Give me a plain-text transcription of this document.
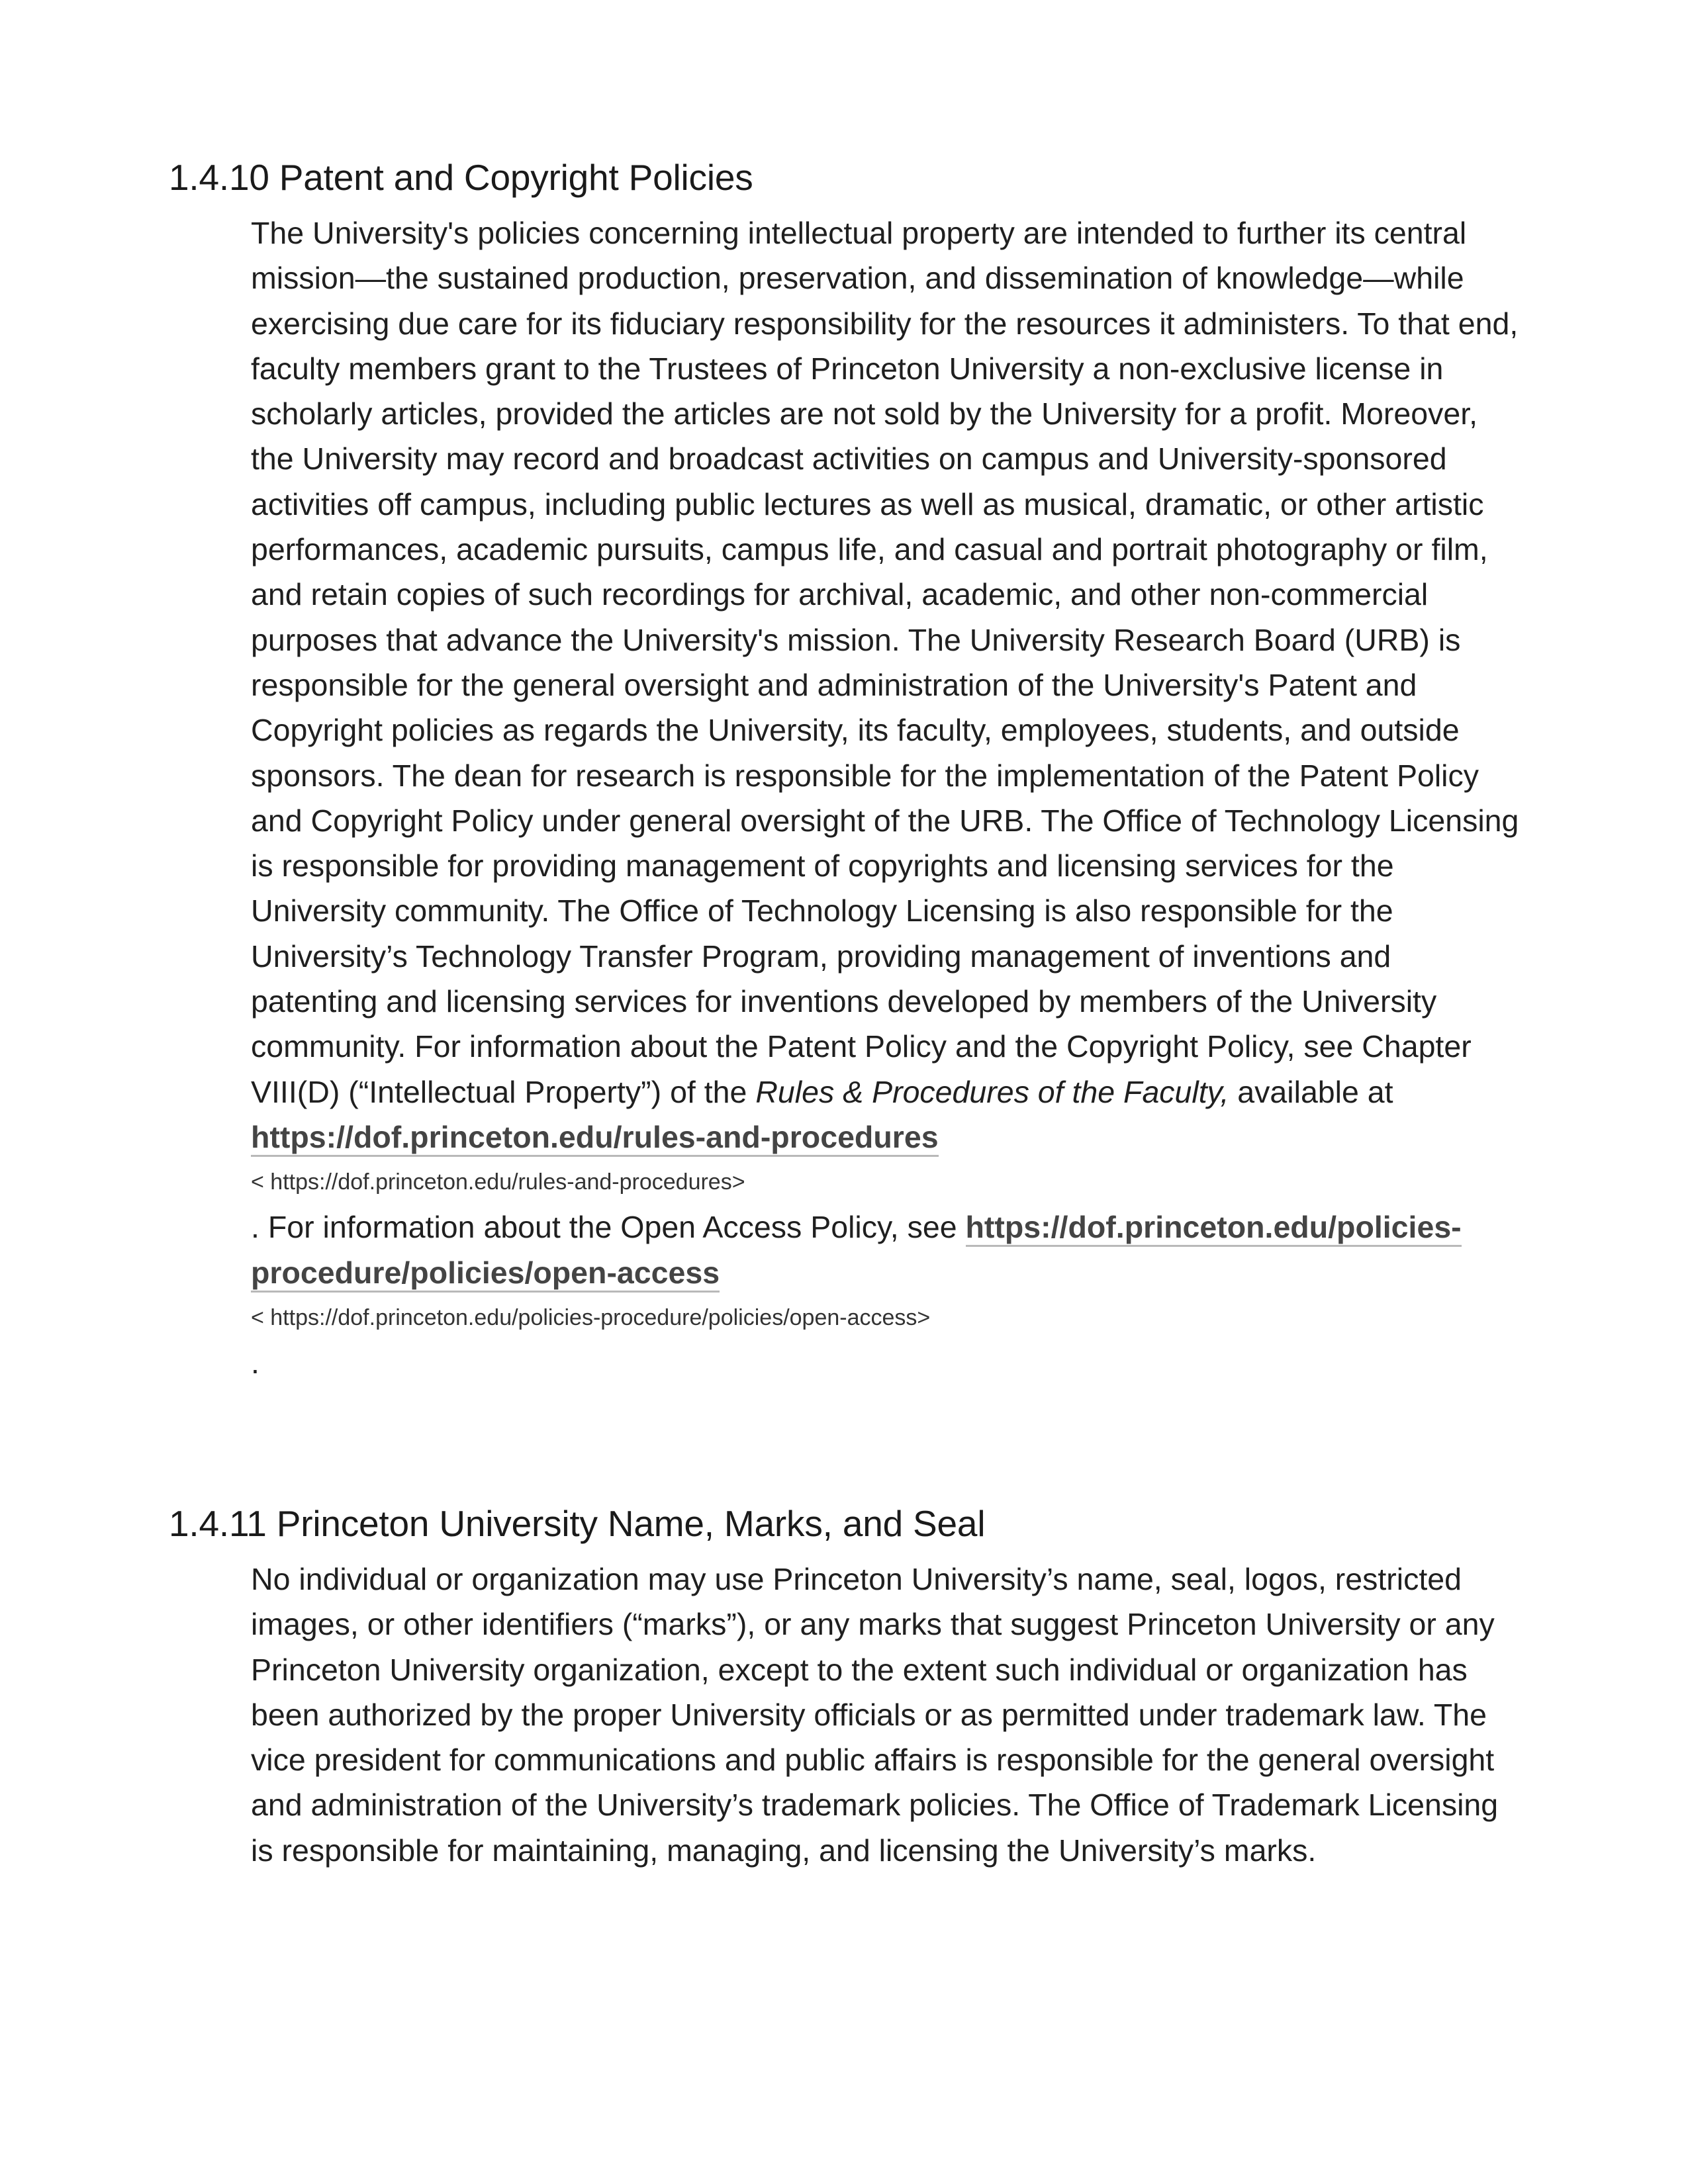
1.4.10 Patent and Copyright Policies

The University's policies concerning intellectual property are intended to further its central mission—the sustained production, preservation, and dissemination of knowledge—while exercising due care for its fiduciary responsibility for the resources it administers. To that end, faculty members grant to the Trustees of Princeton University a non-exclusive license in scholarly articles, provided the articles are not sold by the University for a profit. Moreover, the University may record and broadcast activities on campus and University-sponsored activities off campus, including public lectures as well as musical, dramatic, or other artistic performances, academic pursuits, campus life, and casual and portrait photography or film, and retain copies of such recordings for archival, academic, and other non-commercial purposes that advance the University's mission. The University Research Board (URB) is responsible for the general oversight and administration of the University's Patent and Copyright policies as regards the University, its faculty, employees, students, and outside sponsors. The dean for research is responsible for the implementation of the Patent Policy and Copyright Policy under general oversight of the URB. The Office of Technology Licensing is responsible for providing management of copyrights and licensing services for the University community. The Office of Technology Licensing is also responsible for the University’s Technology Transfer Program, providing management of inventions and patenting and licensing services for inventions developed by members of the University community. For information about the Patent Policy and the Copyright Policy, see Chapter VIII(D) (“Intellectual Property”) of the Rules & Procedures of the Faculty, available at https://dof.princeton.edu/rules-and-procedures

< https://dof.princeton.edu/rules-and-procedures>

. For information about the Open Access Policy, see https://dof.princeton.edu/policies-procedure/policies/open-access

< https://dof.princeton.edu/policies-procedure/policies/open-access>

.

1.4.11 Princeton University Name, Marks, and Seal

No individual or organization may use Princeton University’s name, seal, logos, restricted images, or other identifiers (“marks”), or any marks that suggest Princeton University or any Princeton University organization, except to the extent such individual or organization has been authorized by the proper University officials or as permitted under trademark law. The vice president for communications and public affairs is responsible for the general oversight and administration of the University’s trademark policies. The Office of Trademark Licensing is responsible for maintaining, managing, and licensing the University’s marks.
